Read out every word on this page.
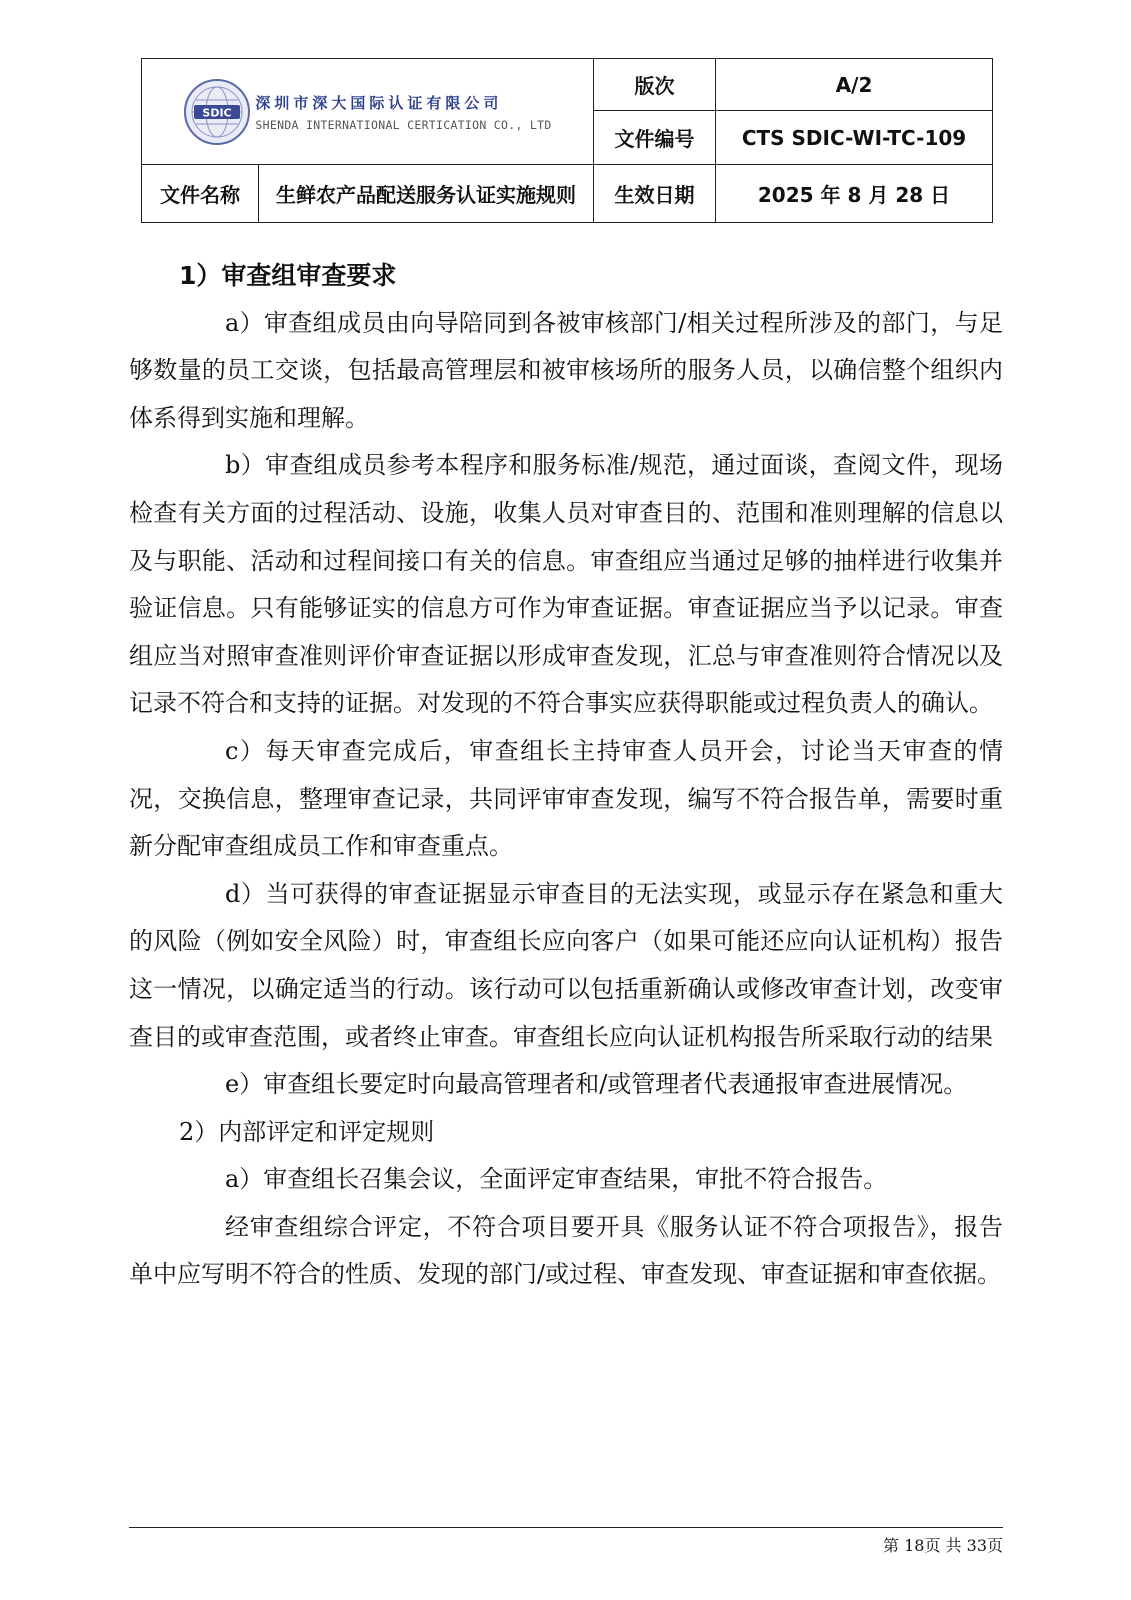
SDIC
深圳市深大国际认证有限公司
SHENDA INTERNATIONAL CERTICATION CO., LTD		版次	A/2
		文件编号	CTS SDIC-WI-TC-109
文件名称	生鲜农产品配送服务认证实施规则	生效日期	2025 年 8 月 28 日

1）审查组审查要求

a）审查组成员由向导陪同到各被审核部门/相关过程所涉及的部门，与足够数量的员工交谈，包括最高管理层和被审核场所的服务人员，以确信整个组织内体系得到实施和理解。

b）审查组成员参考本程序和服务标准/规范，通过面谈，查阅文件，现场检查有关方面的过程活动、设施，收集人员对审查目的、范围和准则理解的信息以及与职能、活动和过程间接口有关的信息。审查组应当通过足够的抽样进行收集并验证信息。只有能够证实的信息方可作为审查证据。审查证据应当予以记录。审查组应当对照审查准则评价审查证据以形成审查发现，汇总与审查准则符合情况以及记录不符合和支持的证据。对发现的不符合事实应获得职能或过程负责人的确认。

c）每天审查完成后，审查组长主持审查人员开会，讨论当天审查的情况，交换信息，整理审查记录，共同评审审查发现，编写不符合报告单，需要时重新分配审查组成员工作和审查重点。

d）当可获得的审查证据显示审查目的无法实现，或显示存在紧急和重大的风险（例如安全风险）时，审查组长应向客户（如果可能还应向认证机构）报告这一情况，以确定适当的行动。该行动可以包括重新确认或修改审查计划，改变审查目的或审查范围，或者终止审查。审查组长应向认证机构报告所采取行动的结果

e）审查组长要定时向最高管理者和/或管理者代表通报审查进展情况。

2）内部评定和评定规则

a）审查组长召集会议，全面评定审查结果，审批不符合报告。

经审查组综合评定，不符合项目要开具《服务认证不符合项报告》，报告单中应写明不符合的性质、发现的部门/或过程、审查发现、审查证据和审查依据。

第 18页 共 33页
